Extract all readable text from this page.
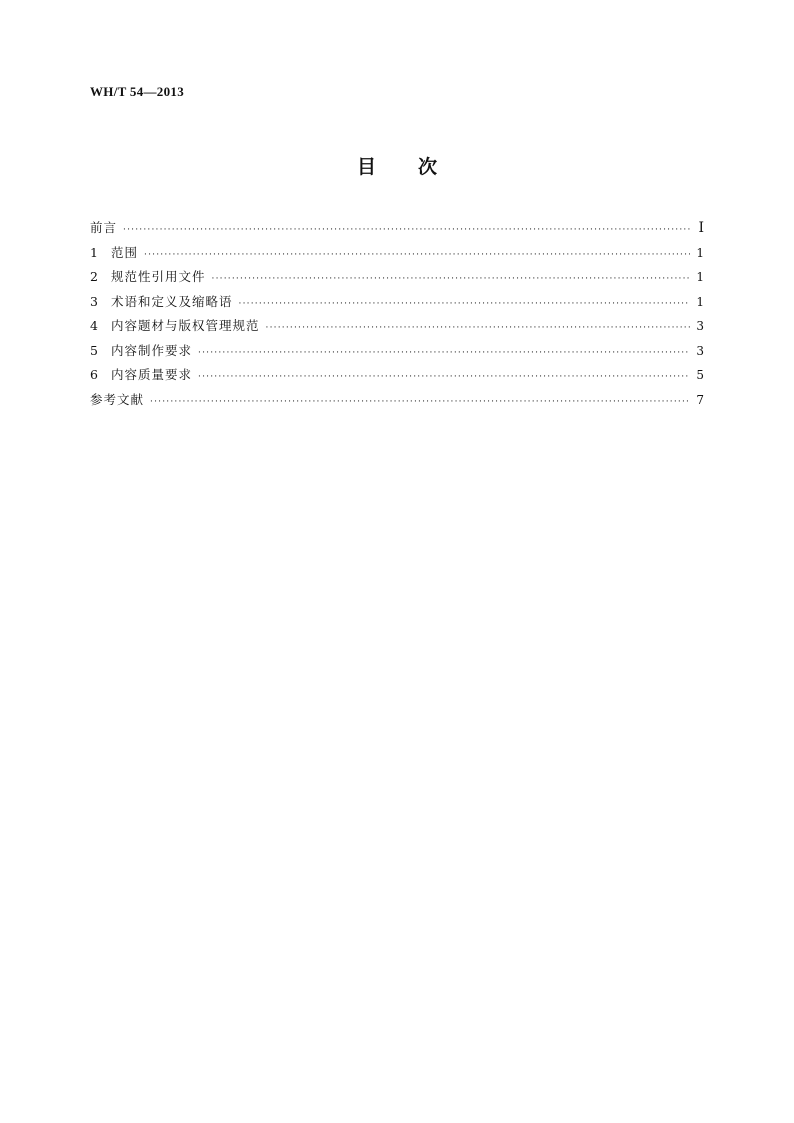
WH/T 54—2013
目 次
前言 ·····	Ⅰ
1	范围 ·····	1
2	规范性引用文件 ·····	1
3	术语和定义及缩略语 ·····	1
4	内容题材与版权管理规范 ·····	3
5	内容制作要求 ·····	3
6	内容质量要求 ·····	5
参考文献 ·····	7
